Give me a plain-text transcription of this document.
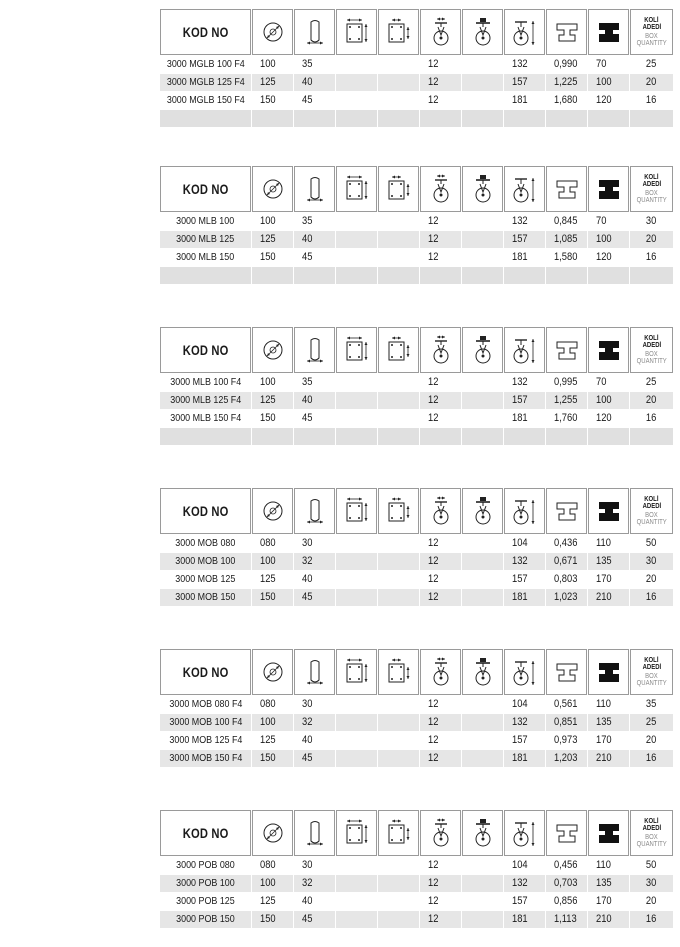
KOD NO
KOLİ
ADEDİ
BOX
QUANTITY
3000 MGLB 100 F4	100	35	12	132	0,990	70	25
3000 MGLB 125 F4	125	40	12	157	1,225	100	20
3000 MGLB 150 F4	150	45	12	181	1,680	120	16
KOD NO
KOLİ
ADEDİ
BOX
QUANTITY
3000 MLB 100	100	35	12	132	0,845	70	30
3000 MLB 125	125	40	12	157	1,085	100	20
3000 MLB 150	150	45	12	181	1,580	120	16
KOD NO
KOLİ
ADEDİ
BOX
QUANTITY
3000 MLB 100 F4	100	35	12	132	0,995	70	25
3000 MLB 125 F4	125	40	12	157	1,255	100	20
3000 MLB 150 F4	150	45	12	181	1,760	120	16
KOD NO
KOLİ
ADEDİ
BOX
QUANTITY
3000 MOB 080	080	30	12	104	0,436	110	50
3000 MOB 100	100	32	12	132	0,671	135	30
3000 MOB 125	125	40	12	157	0,803	170	20
3000 MOB 150	150	45	12	181	1,023	210	16
KOD NO
KOLİ
ADEDİ
BOX
QUANTITY
3000 MOB 080 F4	080	30	12	104	0,561	110	35
3000 MOB 100 F4	100	32	12	132	0,851	135	25
3000 MOB 125 F4	125	40	12	157	0,973	170	20
3000 MOB 150 F4	150	45	12	181	1,203	210	16
KOD NO
KOLİ
ADEDİ
BOX
QUANTITY
3000 POB 080	080	30	12	104	0,456	110	50
3000 POB 100	100	32	12	132	0,703	135	30
3000 POB 125	125	40	12	157	0,856	170	20
3000 POB 150	150	45	12	181	1,113	210	16
